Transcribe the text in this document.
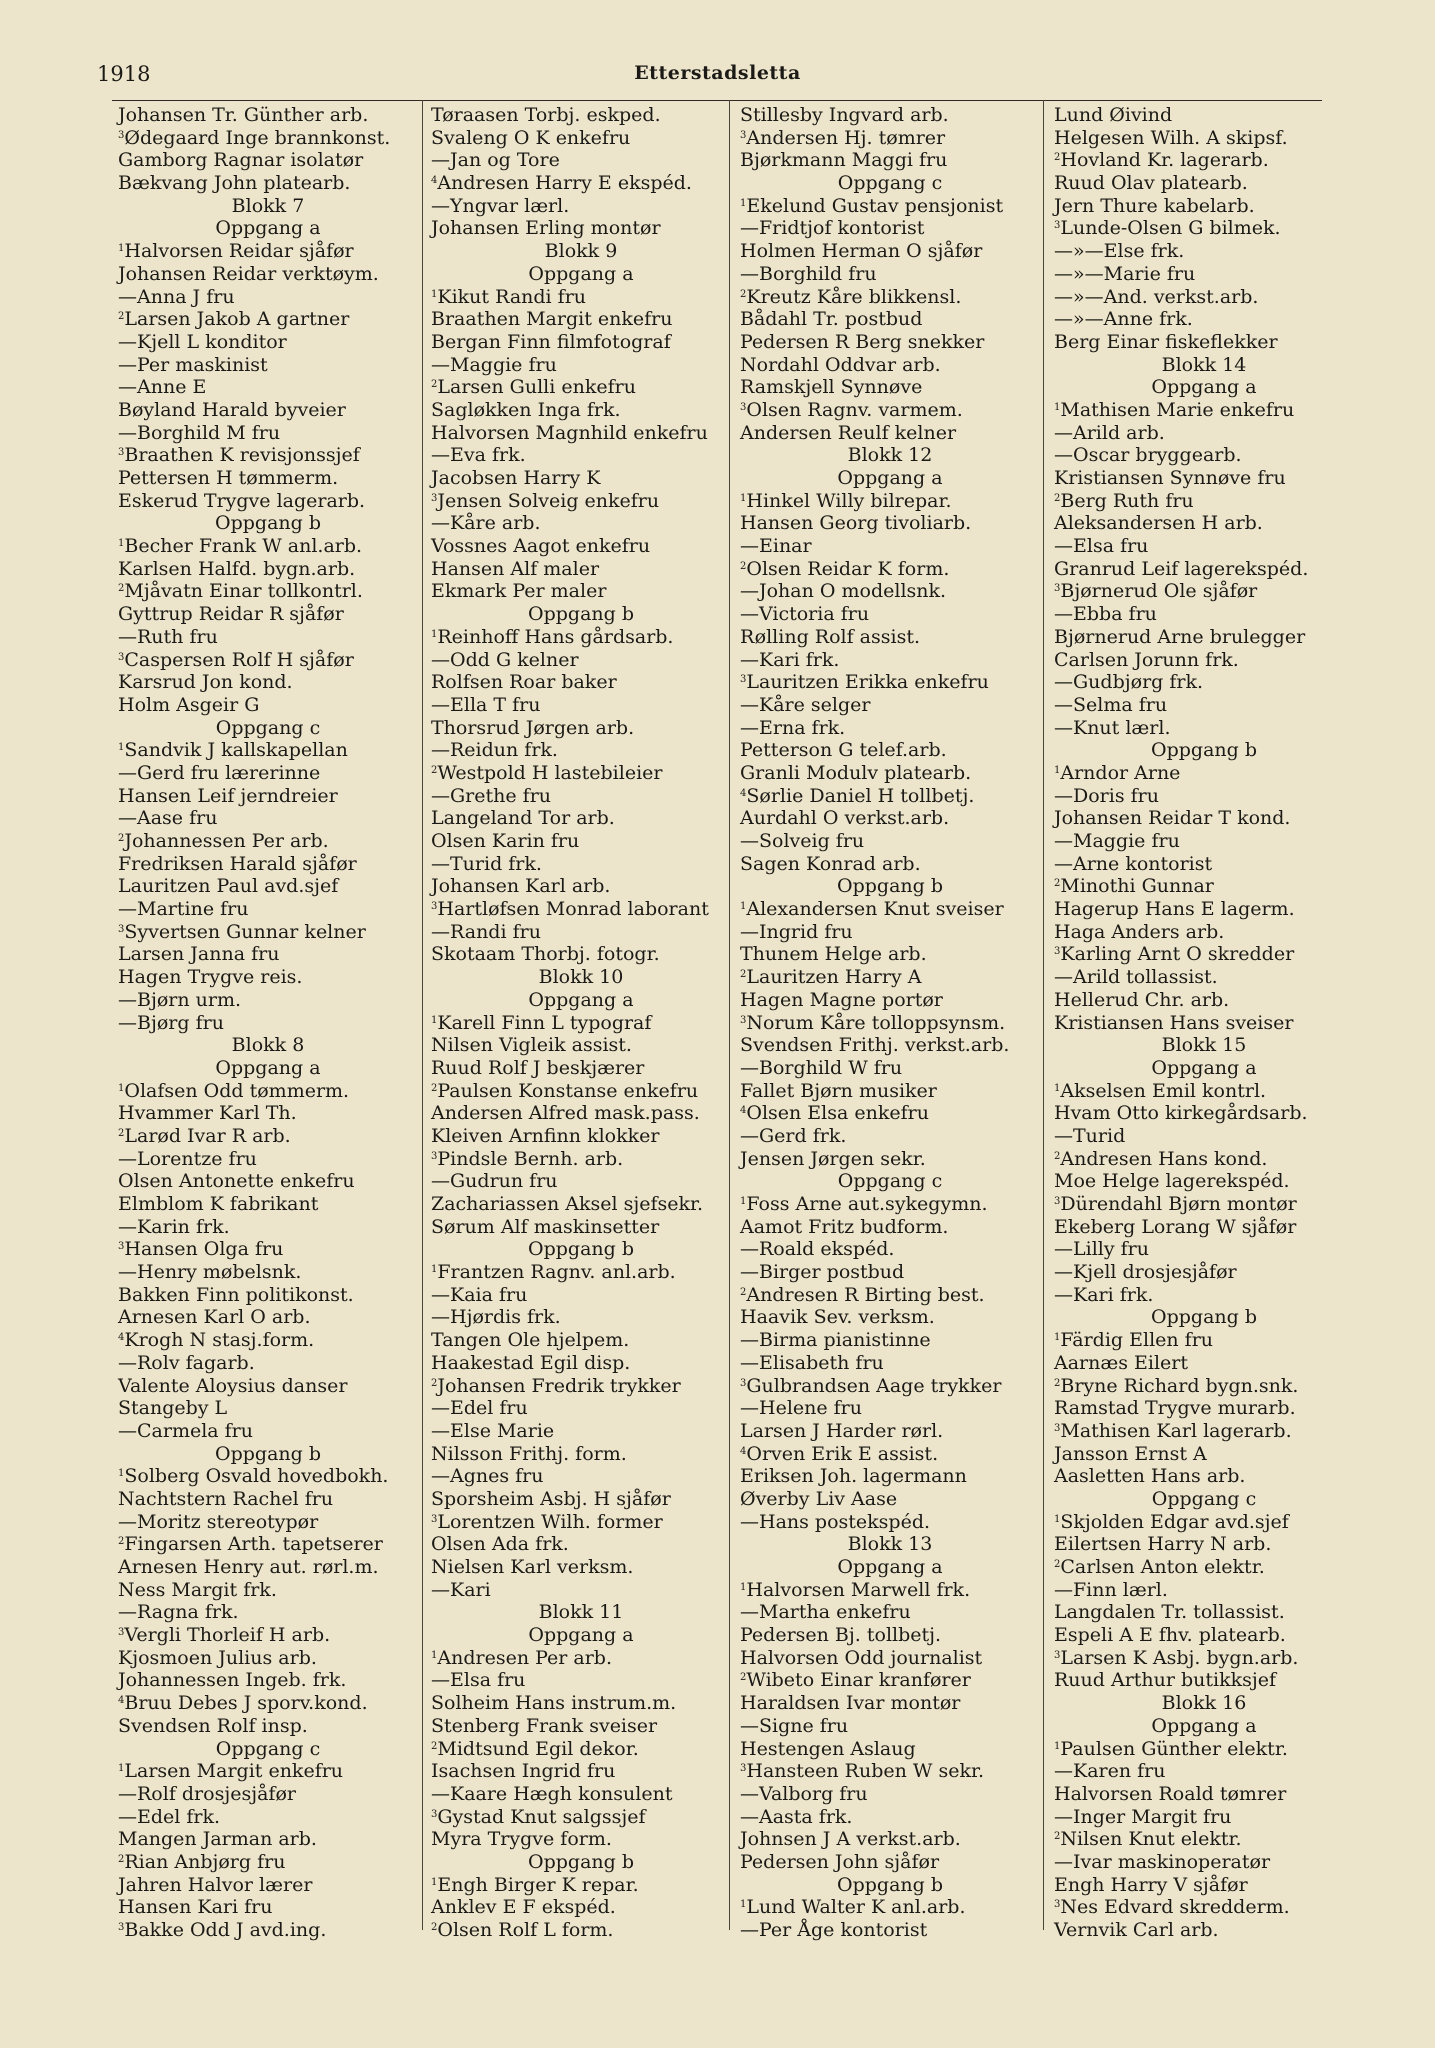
1918	Etterstadsletta
Johansen Tr. Günther arb.
$^3$Ødegaard Inge brannkonst.
Gamborg Ragnar isolatør
Bækvang John platearb.
Blokk 7
Oppgang a
$^1$Halvorsen Reidar sjåfør
Johansen Reidar verktøym.
—Anna J fru
$^2$Larsen Jakob A gartner
—Kjell L konditor
—Per maskinist
—Anne E
Bøyland Harald byveier
—Borghild M fru
$^3$Braathen K revisjonssjef
Pettersen H tømmerm.
Eskerud Trygve lagerarb.
Oppgang b
$^1$Becher Frank W anl.arb.
Karlsen Halfd. bygn.arb.
$^2$Mjåvatn Einar tollkontrl.
Gyttrup Reidar R sjåfør
—Ruth fru
$^3$Caspersen Rolf H sjåfør
Karsrud Jon kond.
Holm Asgeir G
Oppgang c
$^1$Sandvik J kallskapellan
—Gerd fru lærerinne
Hansen Leif jerndreier
—Aase fru
$^2$Johannessen Per arb.
Fredriksen Harald sjåfør
Lauritzen Paul avd.sjef
—Martine fru
$^3$Syvertsen Gunnar kelner
Larsen Janna fru
Hagen Trygve reis.
—Bjørn urm.
—Bjørg fru
Blokk 8
Oppgang a
$^1$Olafsen Odd tømmerm.
Hvammer Karl Th.
$^2$Larød Ivar R arb.
—Lorentze fru
Olsen Antonette enkefru
Elmblom K fabrikant
—Karin frk.
$^3$Hansen Olga fru
—Henry møbelsnk.
Bakken Finn politikonst.
Arnesen Karl O arb.
$^4$Krogh N stasj.form.
—Rolv fagarb.
Valente Aloysius danser
Stangeby L
—Carmela fru
Oppgang b
$^1$Solberg Osvald hovedbokh.
Nachtstern Rachel fru
—Moritz stereotypør
$^2$Fingarsen Arth. tapetserer
Arnesen Henry aut. rørl.m.
Ness Margit frk.
—Ragna frk.
$^3$Vergli Thorleif H arb.
Kjosmoen Julius arb.
Johannessen Ingeb. frk.
$^4$Bruu Debes J sporv.kond.
Svendsen Rolf insp.
Oppgang c
$^1$Larsen Margit enkefru
—Rolf drosjesjåfør
—Edel frk.
Mangen Jarman arb.
$^2$Rian Anbjørg fru
Jahren Halvor lærer
Hansen Kari fru
$^3$Bakke Odd J avd.ing.
Tøraasen Torbj. eskped.
Svaleng O K enkefru
—Jan og Tore
$^4$Andresen Harry E ekspéd.
—Yngvar lærl.
Johansen Erling montør
Blokk 9
Oppgang a
$^1$Kikut Randi fru
Braathen Margit enkefru
Bergan Finn filmfotograf
—Maggie fru
$^2$Larsen Gulli enkefru
Sagløkken Inga frk.
Halvorsen Magnhild enkefru
—Eva frk.
Jacobsen Harry K
$^3$Jensen Solveig enkefru
—Kåre arb.
Vossnes Aagot enkefru
Hansen Alf maler
Ekmark Per maler
Oppgang b
$^1$Reinhoff Hans gårdsarb.
—Odd G kelner
Rolfsen Roar baker
—Ella T fru
Thorsrud Jørgen arb.
—Reidun frk.
$^2$Westpold H lastebileier
—Grethe fru
Langeland Tor arb.
Olsen Karin fru
—Turid frk.
Johansen Karl arb.
$^3$Hartløfsen Monrad laborant
—Randi fru
Skotaam Thorbj. fotogr.
Blokk 10
Oppgang a
$^1$Karell Finn L typograf
Nilsen Vigleik assist.
Ruud Rolf J beskjærer
$^2$Paulsen Konstanse enkefru
Andersen Alfred mask.pass.
Kleiven Arnfinn klokker
$^3$Pindsle Bernh. arb.
—Gudrun fru
Zachariassen Aksel sjefsekr.
Sørum Alf maskinsetter
Oppgang b
$^1$Frantzen Ragnv. anl.arb.
—Kaia fru
—Hjørdis frk.
Tangen Ole hjelpem.
Haakestad Egil disp.
$^2$Johansen Fredrik trykker
—Edel fru
—Else Marie
Nilsson Frithj. form.
—Agnes fru
Sporsheim Asbj. H sjåfør
$^3$Lorentzen Wilh. former
Olsen Ada frk.
Nielsen Karl verksm.
—Kari
Blokk 11
Oppgang a
$^1$Andresen Per arb.
—Elsa fru
Solheim Hans instrum.m.
Stenberg Frank sveiser
$^2$Midtsund Egil dekor.
Isachsen Ingrid fru
—Kaare Hægh konsulent
$^3$Gystad Knut salgssjef
Myra Trygve form.
Oppgang b
$^1$Engh Birger K repar.
Anklev E F ekspéd.
$^2$Olsen Rolf L form.
Stillesby Ingvard arb.
$^3$Andersen Hj. tømrer
Bjørkmann Maggi fru
Oppgang c
$^1$Ekelund Gustav pensjonist
—Fridtjof kontorist
Holmen Herman O sjåfør
—Borghild fru
$^2$Kreutz Kåre blikkensl.
Bådahl Tr. postbud
Pedersen R Berg snekker
Nordahl Oddvar arb.
Ramskjell Synnøve
$^3$Olsen Ragnv. varmem.
Andersen Reulf kelner
Blokk 12
Oppgang a
$^1$Hinkel Willy bilrepar.
Hansen Georg tivoliarb.
—Einar
$^2$Olsen Reidar K form.
—Johan O modellsnk.
—Victoria fru
Rølling Rolf assist.
—Kari frk.
$^3$Lauritzen Erikka enkefru
—Kåre selger
—Erna frk.
Petterson G telef.arb.
Granli Modulv platearb.
$^4$Sørlie Daniel H tollbetj.
Aurdahl O verkst.arb.
—Solveig fru
Sagen Konrad arb.
Oppgang b
$^1$Alexandersen Knut sveiser
—Ingrid fru
Thunem Helge arb.
$^2$Lauritzen Harry A
Hagen Magne portør
$^3$Norum Kåre tolloppsynsm.
Svendsen Frithj. verkst.arb.
—Borghild W fru
Fallet Bjørn musiker
$^4$Olsen Elsa enkefru
—Gerd frk.
Jensen Jørgen sekr.
Oppgang c
$^1$Foss Arne aut.sykegymn.
Aamot Fritz budform.
—Roald ekspéd.
—Birger postbud
$^2$Andresen R Birting best.
Haavik Sev. verksm.
—Birma pianistinne
—Elisabeth fru
$^3$Gulbrandsen Aage trykker
—Helene fru
Larsen J Harder rørl.
$^4$Orven Erik E assist.
Eriksen Joh. lagermann
Øverby Liv Aase
—Hans postekspéd.
Blokk 13
Oppgang a
$^1$Halvorsen Marwell frk.
—Martha enkefru
Pedersen Bj. tollbetj.
Halvorsen Odd journalist
$^2$Wibeto Einar kranfører
Haraldsen Ivar montør
—Signe fru
Hestengen Aslaug
$^3$Hansteen Ruben W sekr.
—Valborg fru
—Aasta frk.
Johnsen J A verkst.arb.
Pedersen John sjåfør
Oppgang b
$^1$Lund Walter K anl.arb.
—Per Åge kontorist
Lund Øivind
Helgesen Wilh. A skipsf.
$^2$Hovland Kr. lagerarb.
Ruud Olav platearb.
Jern Thure kabelarb.
$^3$Lunde-Olsen G bilmek.
—»—Else frk.
—»—Marie fru
—»—And. verkst.arb.
—»—Anne frk.
Berg Einar fiskeflekker
Blokk 14
Oppgang a
$^1$Mathisen Marie enkefru
—Arild arb.
—Oscar bryggearb.
Kristiansen Synnøve fru
$^2$Berg Ruth fru
Aleksandersen H arb.
—Elsa fru
Granrud Leif lagerekspéd.
$^3$Bjørnerud Ole sjåfør
—Ebba fru
Bjørnerud Arne brulegger
Carlsen Jorunn frk.
—Gudbjørg frk.
—Selma fru
—Knut lærl.
Oppgang b
$^1$Arndor Arne
—Doris fru
Johansen Reidar T kond.
—Maggie fru
—Arne kontorist
$^2$Minothi Gunnar
Hagerup Hans E lagerm.
Haga Anders arb.
$^3$Karling Arnt O skredder
—Arild tollassist.
Hellerud Chr. arb.
Kristiansen Hans sveiser
Blokk 15
Oppgang a
$^1$Akselsen Emil kontrl.
Hvam Otto kirkegårdsarb.
—Turid
$^2$Andresen Hans kond.
Moe Helge lagerekspéd.
$^3$Dürendahl Bjørn montør
Ekeberg Lorang W sjåfør
—Lilly fru
—Kjell drosjesjåfør
—Kari frk.
Oppgang b
$^1$Färdig Ellen fru
Aarnæs Eilert
$^2$Bryne Richard bygn.snk.
Ramstad Trygve murarb.
$^3$Mathisen Karl lagerarb.
Jansson Ernst A
Aasletten Hans arb.
Oppgang c
$^1$Skjolden Edgar avd.sjef
Eilertsen Harry N arb.
$^2$Carlsen Anton elektr.
—Finn lærl.
Langdalen Tr. tollassist.
Espeli A E fhv. platearb.
$^3$Larsen K Asbj. bygn.arb.
Ruud Arthur butikksjef
Blokk 16
Oppgang a
$^1$Paulsen Günther elektr.
—Karen fru
Halvorsen Roald tømrer
—Inger Margit fru
$^2$Nilsen Knut elektr.
—Ivar maskinoperatør
Engh Harry V sjåfør
$^3$Nes Edvard skredderm.
Vernvik Carl arb.
